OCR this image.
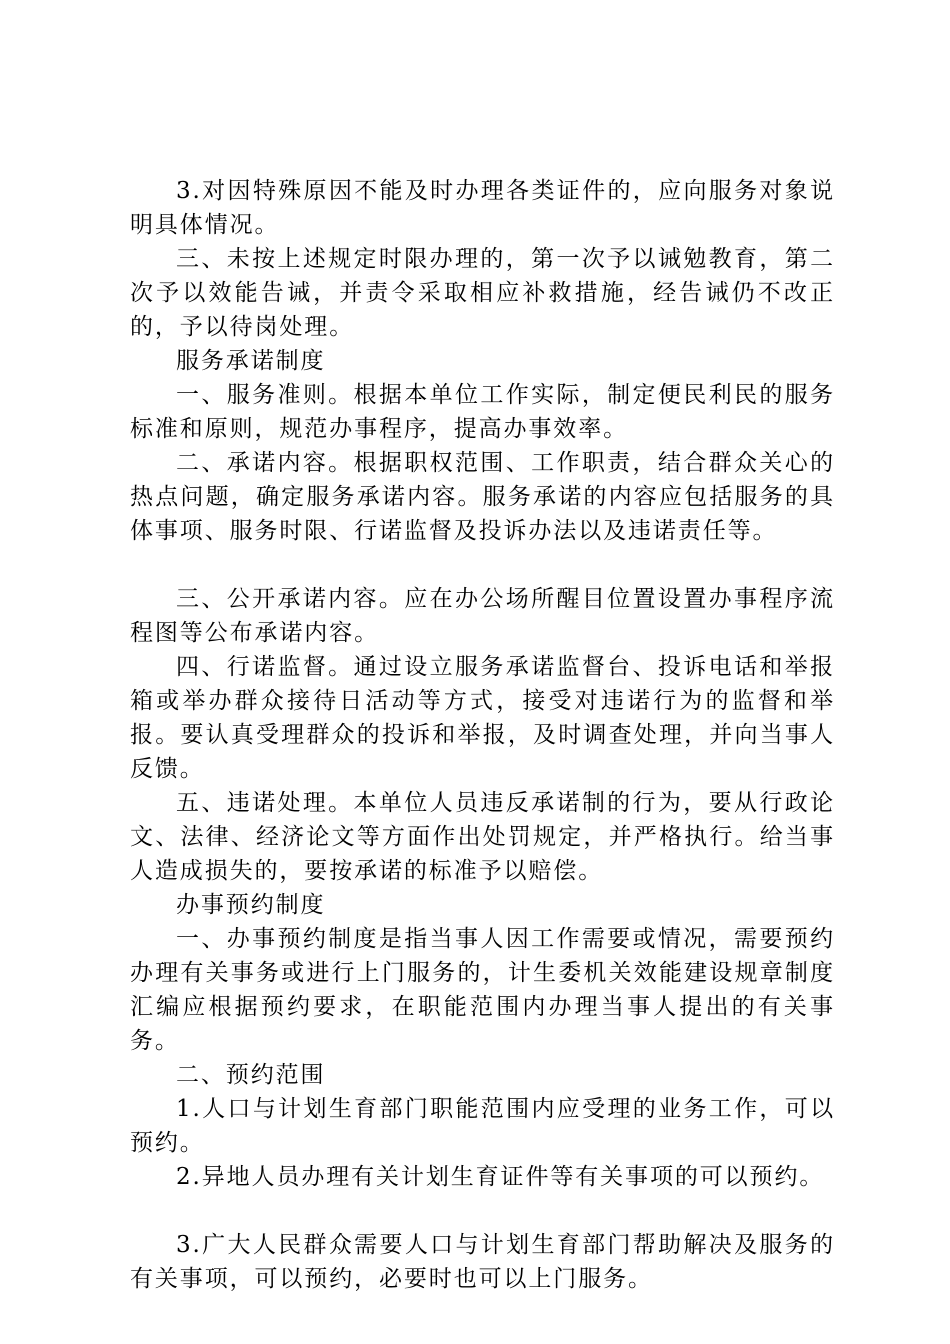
3.对因特殊原因不能及时办理各类证件的，应向服务对象说明具体情况。

三、未按上述规定时限办理的，第一次予以诫勉教育，第二次予以效能告诫，并责令采取相应补救措施，经告诫仍不改正的，予以待岗处理。

服务承诺制度

一、服务准则。根据本单位工作实际，制定便民利民的服务标准和原则，规范办事程序，提高办事效率。

二、承诺内容。根据职权范围、工作职责，结合群众关心的热点问题，确定服务承诺内容。服务承诺的内容应包括服务的具体事项、服务时限、行诺监督及投诉办法以及违诺责任等。

三、公开承诺内容。应在办公场所醒目位置设置办事程序流程图等公布承诺内容。

四、行诺监督。通过设立服务承诺监督台、投诉电话和举报箱或举办群众接待日活动等方式，接受对违诺行为的监督和举报。要认真受理群众的投诉和举报，及时调查处理，并向当事人反馈。

五、违诺处理。本单位人员违反承诺制的行为，要从行政论文、法律、经济论文等方面作出处罚规定，并严格执行。给当事人造成损失的，要按承诺的标准予以赔偿。

办事预约制度

一、办事预约制度是指当事人因工作需要或情况，需要预约办理有关事务或进行上门服务的，计生委机关效能建设规章制度汇编应根据预约要求，在职能范围内办理当事人提出的有关事务。

二、预约范围

1.人口与计划生育部门职能范围内应受理的业务工作，可以预约。

2.异地人员办理有关计划生育证件等有关事项的可以预约。

3.广大人民群众需要人口与计划生育部门帮助解决及服务的有关事项，可以预约，必要时也可以上门服务。
